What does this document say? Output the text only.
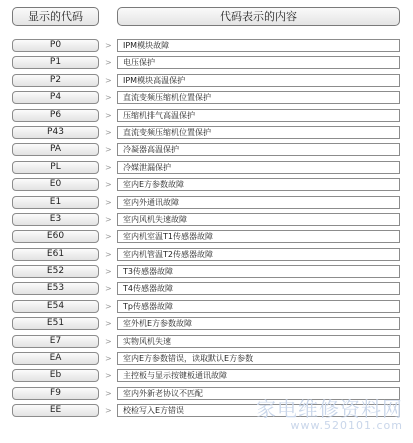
显示的代码	代码表示的内容
P0	>	IPM模块故障
P1	>	电压保护
P2	>	IPM模块高温保护
P4	>	直流变频压缩机位置保护
P6	>	压缩机排气高温保护
P43	>	直流变频压缩机位置保护
PA	>	冷凝器高温保护
PL	>	冷媒泄漏保护
E0	>	室内E方参数故障
E1	>	室内外通讯故障
E3	>	室内风机失速故障
E60	>	室内机室温T1传感器故障
E61	>	室内机管温T2传感器故障
E52	>	T3传感器故障
E53	>	T4传感器故障
E54	>	Tp传感器故障
E51	>	室外机E方参数故障
E7	>	实物风机失速
EA	>	室内E方参数错误，读取默认E方参数
Eb	>	主控板与显示按键板通讯故障
F9	>	室内外新老协议不匹配
EE	>	校检写入E方错误	家电维修资料网
www.520101.com
